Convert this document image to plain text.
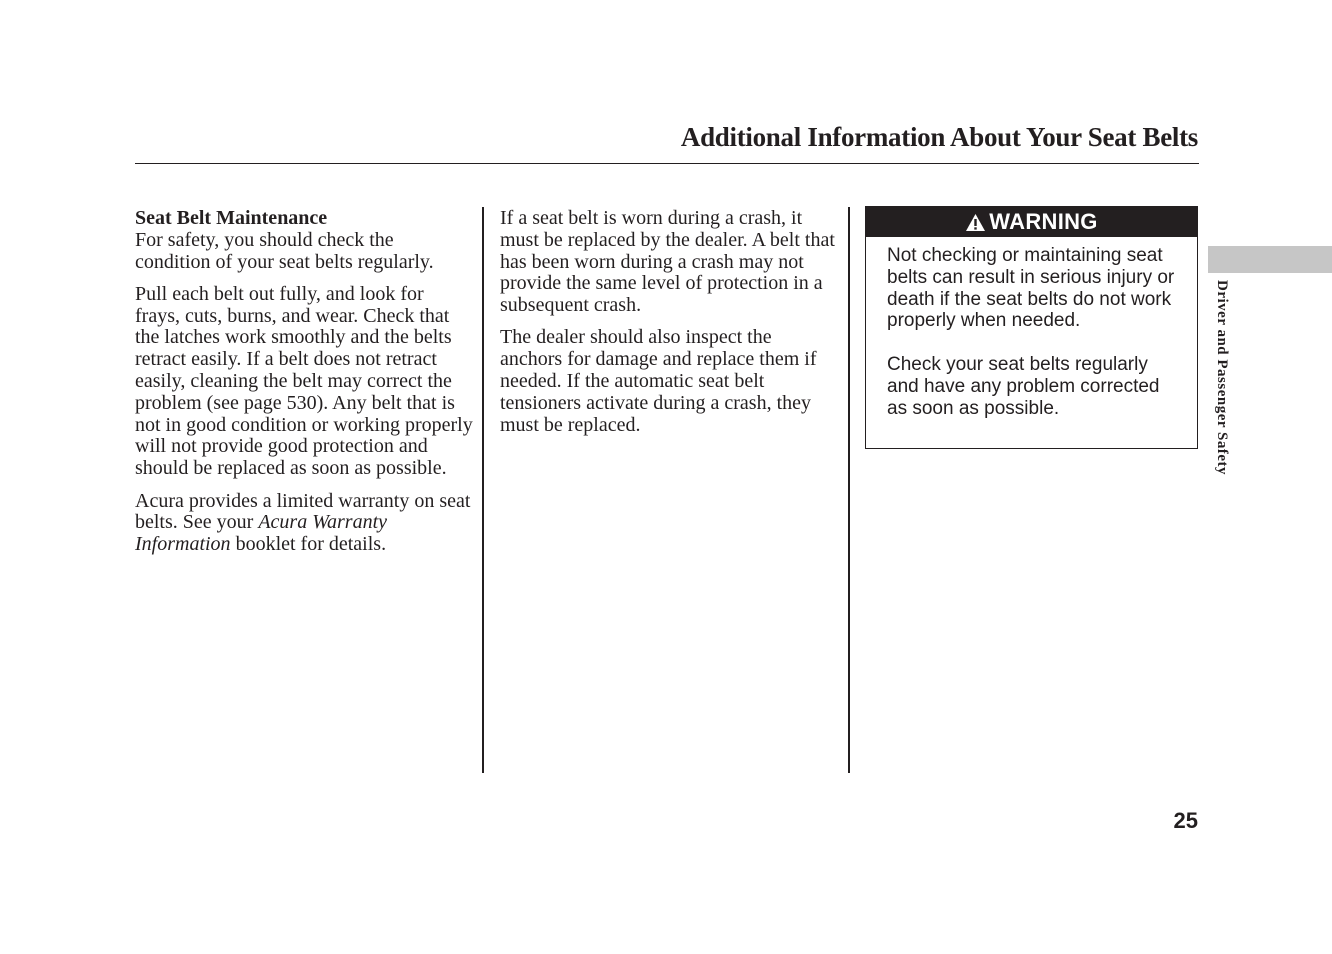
Additional Information About Your Seat Belts

Seat Belt Maintenance
For safety, you should check the condition of your seat belts regularly.

Pull each belt out fully, and look for frays, cuts, burns, and wear. Check that the latches work smoothly and the belts retract easily. If a belt does not retract easily, cleaning the belt may correct the problem (see page 530). Any belt that is not in good condition or working properly will not provide good protection and should be replaced as soon as possible.

Acura provides a limited warranty on seat belts. See your Acura Warranty Information booklet for details.

If a seat belt is worn during a crash, it must be replaced by the dealer. A belt that has been worn during a crash may not provide the same level of protection in a subsequent crash.

The dealer should also inspect the anchors for damage and replace them if needed. If the automatic seat belt tensioners activate during a crash, they must be replaced.

WARNING

Not checking or maintaining seat belts can result in serious injury or death if the seat belts do not work properly when needed.

Check your seat belts regularly and have any problem corrected as soon as possible.	Driver and Passenger Safety
25
